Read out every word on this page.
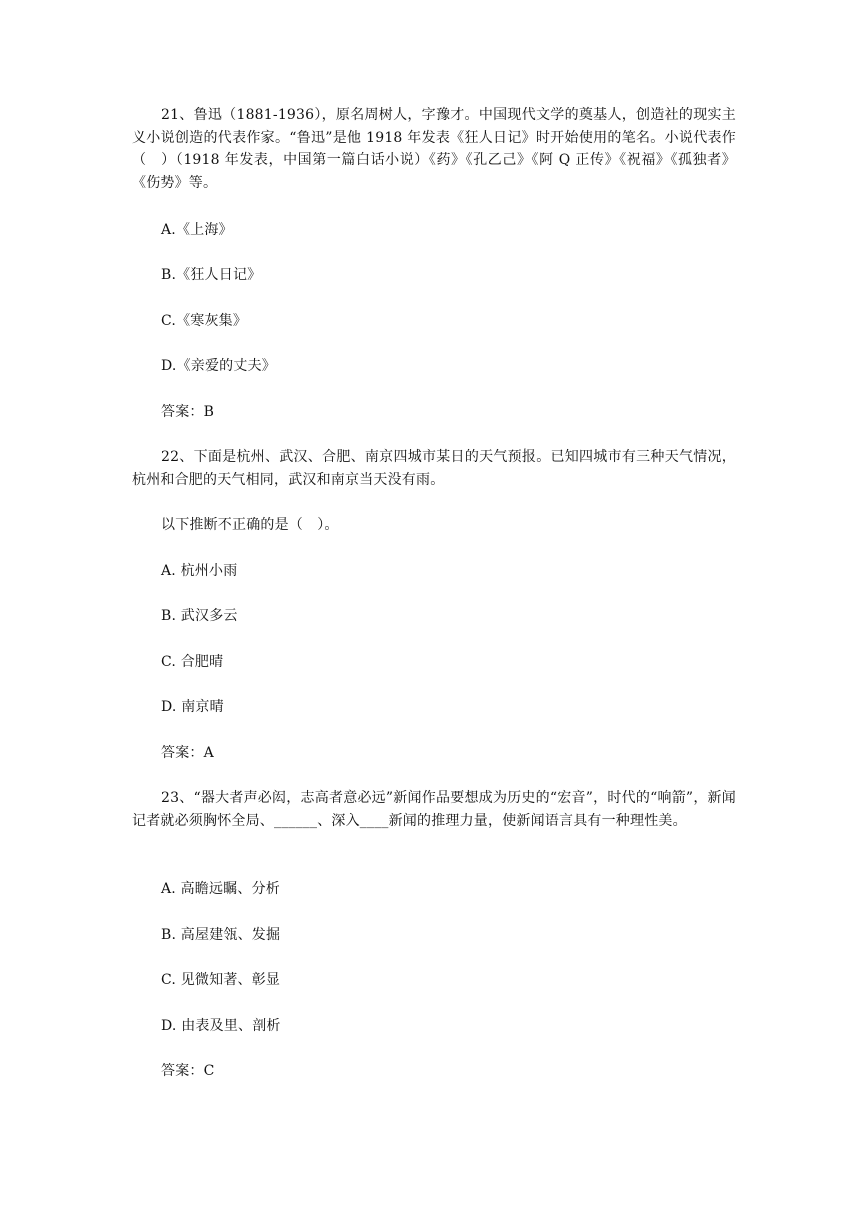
21、鲁迅（1881-1936），原名周树人，字豫才。中国现代文学的奠基人，创造社的现实主义小说创造的代表作家。“鲁迅”是他 1918 年发表《狂人日记》时开始使用的笔名。小说代表作（　）（1918 年发表，中国第一篇白话小说）《药》《孔乙己》《阿 Q 正传》《祝福》《孤独者》《伤势》等。
A.《上海》
B.《狂人日记》
C.《寒灰集》
D.《亲爱的丈夫》
答案：B
22、下面是杭州、武汉、合肥、南京四城市某日的天气预报。已知四城市有三种天气情况，杭州和合肥的天气相同，武汉和南京当天没有雨。
以下推断不正确的是（　）。
A. 杭州小雨
B. 武汉多云
C. 合肥晴
D. 南京晴
答案：A
23、“器大者声必闳，志高者意必远”新闻作品要想成为历史的“宏音”，时代的“响箭”，新闻记者就必须胸怀全局、______、深入____新闻的推理力量，使新闻语言具有一种理性美。
A. 高瞻远瞩、分析
B. 高屋建瓴、发掘
C. 见微知著、彰显
D. 由表及里、剖析
答案：C
